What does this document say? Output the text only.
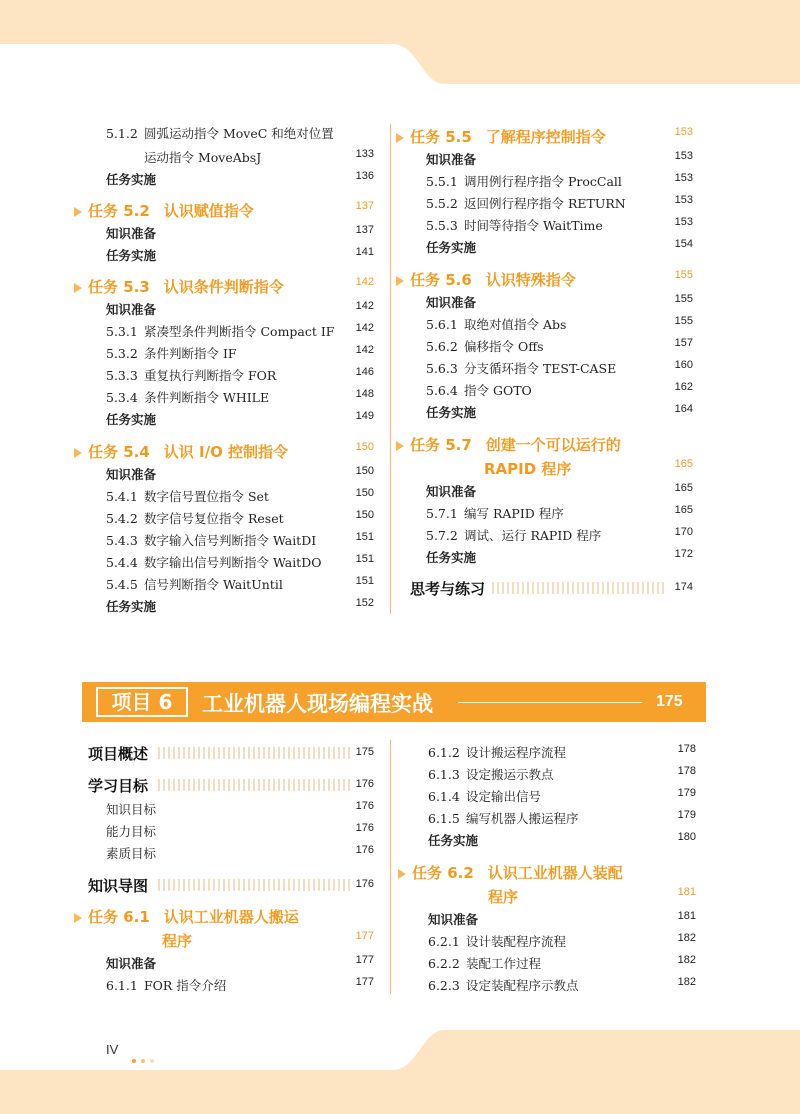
5.1.2 圆弧运动指令 MoveC 和绝对位置
运动指令 MoveAbsJ	133
任务实施	136
任务 5.2 认识赋值指令	137
知识准备	137
任务实施	141
任务 5.3 认识条件判断指令	142
知识准备	142
5.3.1 紧凑型条件判断指令 Compact IF 142
5.3.2 条件判断指令 IF	142
5.3.3 重复执行判断指令 FOR	146
5.3.4 条件判断指令 WHILE	148
任务实施	149
任务 5.4 认识 I/O 控制指令	150
知识准备	150
5.4.1 数字信号置位指令 Set	150
5.4.2 数字信号复位指令 Reset	150
5.4.3 数字输入信号判断指令 WaitDI	151
5.4.4 数字输出信号判断指令 WaitDO	151
5.4.5 信号判断指令 WaitUntil	151
任务实施	152
任务 5.5 了解程序控制指令	153
知识准备	153
5.5.1 调用例行程序指令 ProcCall	153
5.5.2 返回例行程序指令 RETURN	153
5.5.3 时间等待指令 WaitTime	153
任务实施	154
任务 5.6 认识特殊指令	155
知识准备	155
5.6.1 取绝对值指令 Abs	155
5.6.2 偏移指令 Offs	157
5.6.3 分支循环指令 TEST-CASE	160
5.6.4 指令 GOTO	162
任务实施	164
任务 5.7 创建一个可以运行的
RAPID 程序	165
知识准备	165
5.7.1 编写 RAPID 程序	165
5.7.2 调试、运行 RAPID 程序	170
任务实施	172
思考与练习	174
项目 6	工业机器人现场编程实战	175
项目概述	175
学习目标	176
知识目标	176
能力目标	176
素质目标	176
知识导图	176
任务 6.1 认识工业机器人搬运
程序	177
知识准备	177
6.1.1 FOR 指令介绍	177
6.1.2 设计搬运程序流程	178
6.1.3 设定搬运示教点	178
6.1.4 设定输出信号	179
6.1.5 编写机器人搬运程序	179
任务实施	180
任务 6.2 认识工业机器人装配
程序	181
知识准备	181
6.2.1 设计装配程序流程	182
6.2.2 装配工作过程	182
6.2.3 设定装配程序示教点	182
IV
